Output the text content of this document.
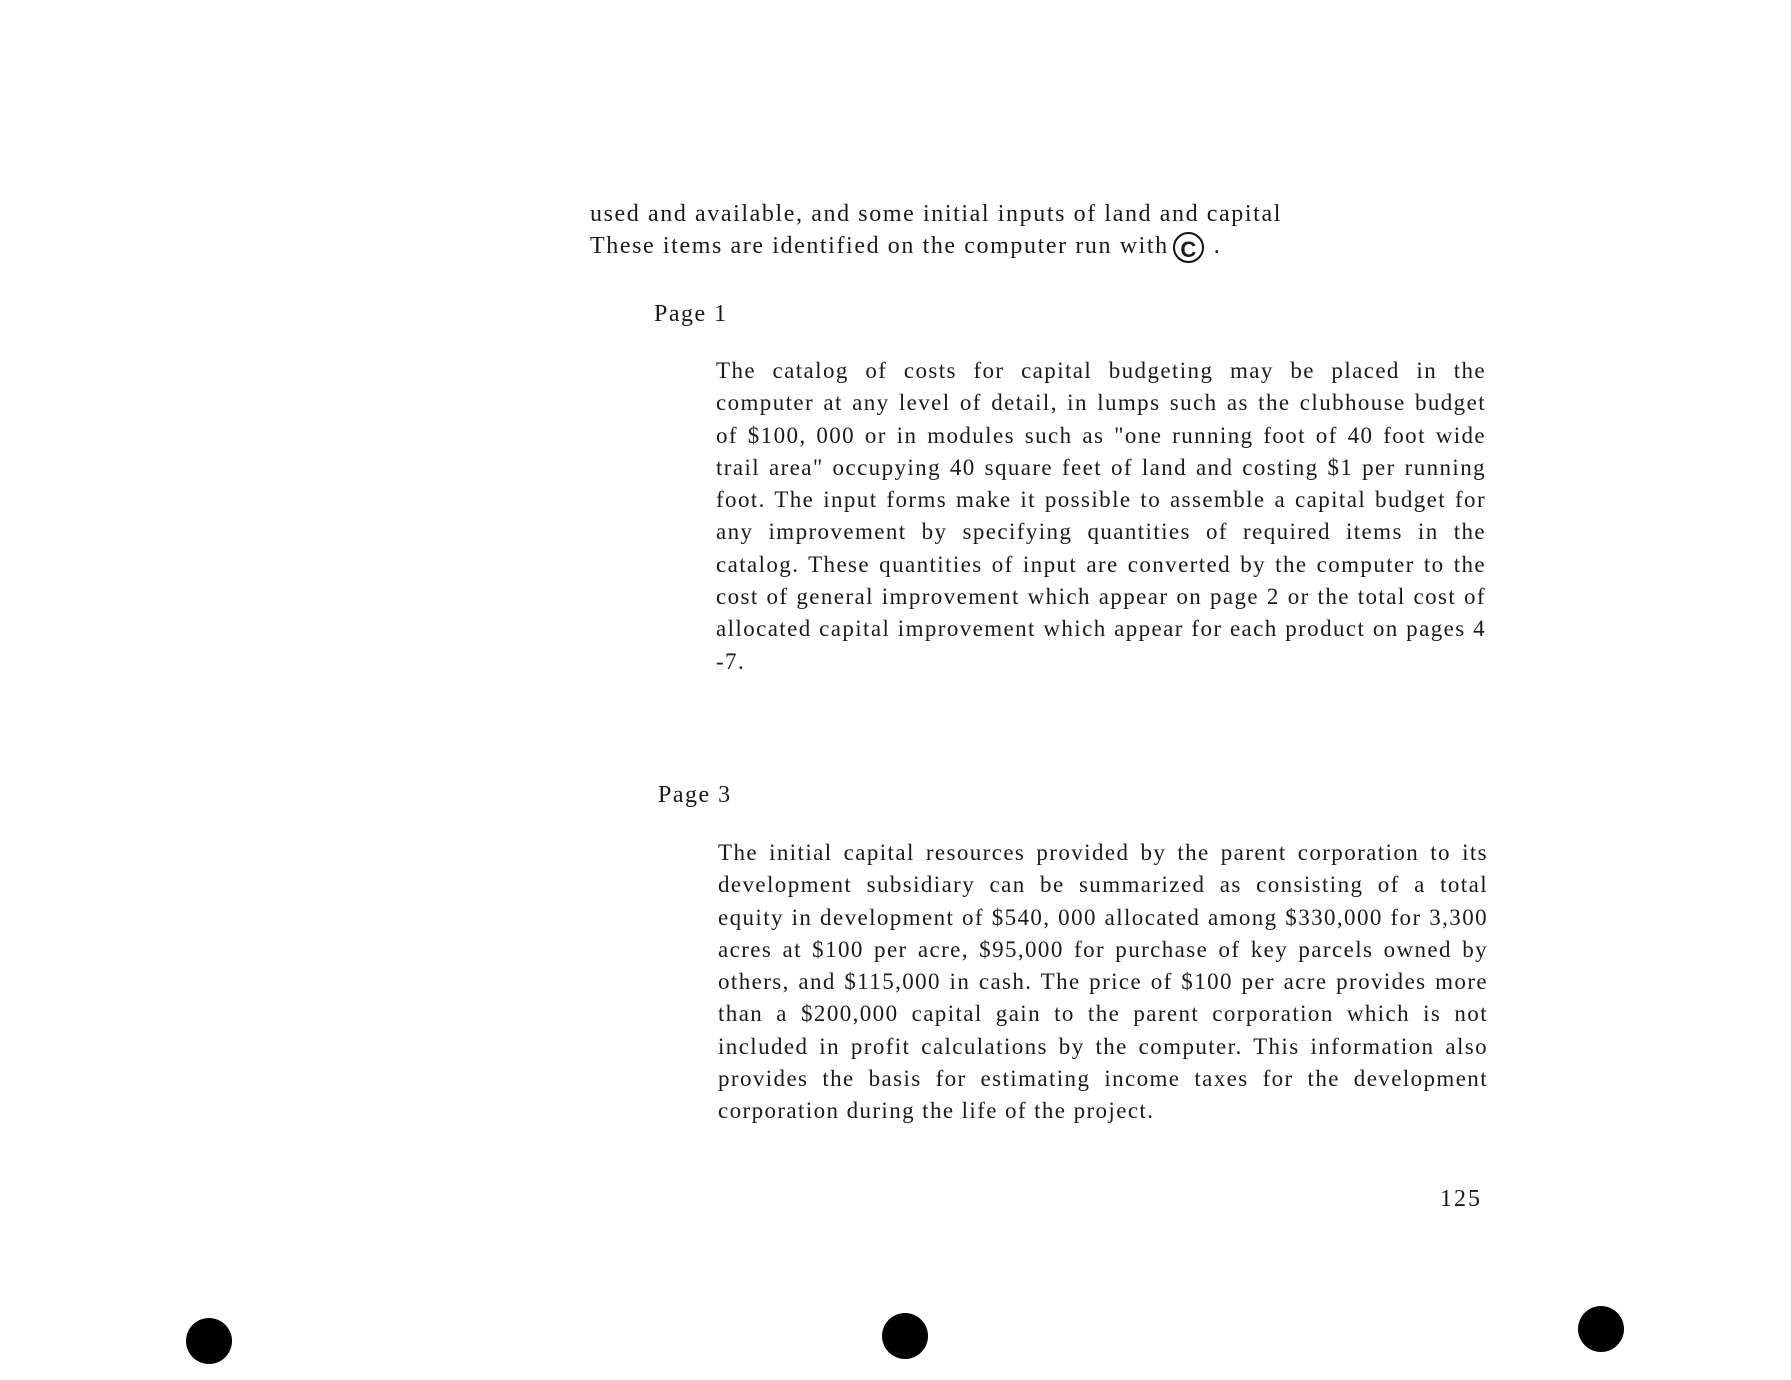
used and available, and some initial inputs of land and capital
These items are identified on the computer run with C .
Page 1
The catalog of costs for capital budgeting may be placed in the computer at any level of detail, in lumps such as the clubhouse budget of $100, 000 or in modules such as "one running foot of 40 foot wide trail area" occupying 40 square feet of land and costing $1 per running foot. The input forms make it possible to assemble a capital budget for any improvement by specifying quantities of required items in the catalog. These quantities of input are converted by the computer to the cost of general improvement which appear on page 2 or the total cost of allocated capital improvement which appear for each product on pages 4 -7.
Page 3
The initial capital resources provided by the parent corporation to its development subsidiary can be summarized as consisting of a total equity in development of $540, 000 allocated among $330,000 for 3,300 acres at $100 per acre, $95,000 for purchase of key parcels owned by others, and $115,000 in cash. The price of $100 per acre provides more than a $200,000 capital gain to the parent corporation which is not included in profit calculations by the computer. This information also provides the basis for estimating income taxes for the development corporation during the life of the project.
125
